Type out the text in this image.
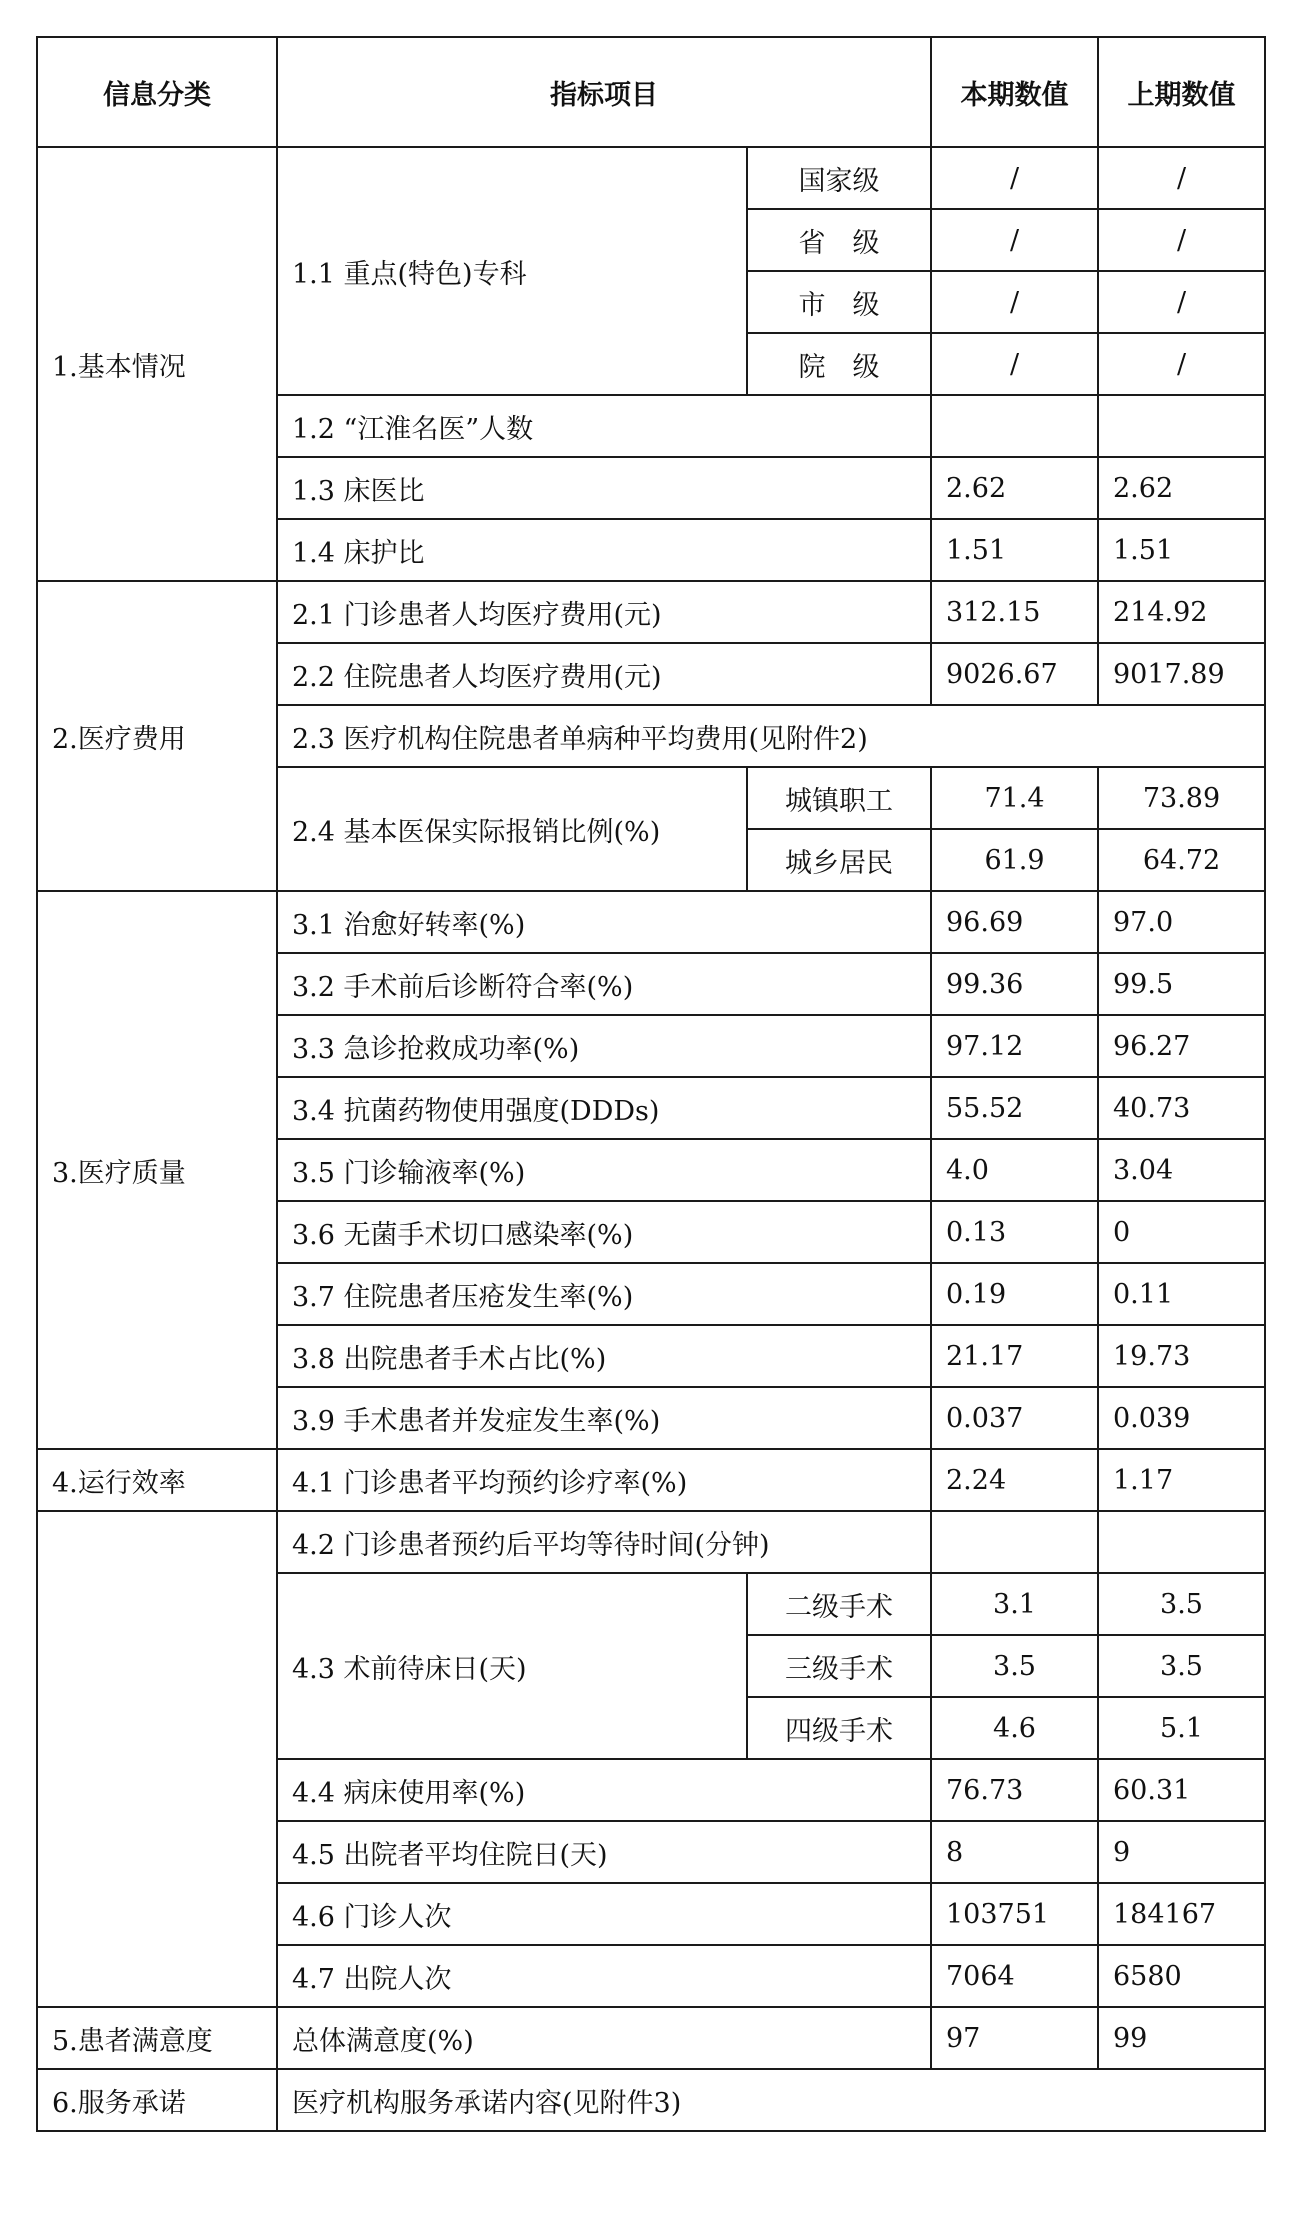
信息分类	指标项目		本期数值	上期数值
1.基本情况	1.1 重点(特色)专科	国家级	/	/
		省　级	/	/
		市　级	/	/
		院　级	/	/
	1.2 “江淮名医”人数			
	1.3 床医比		2.62	2.62
	1.4 床护比		1.51	1.51
2.医疗费用	2.1 门诊患者人均医疗费用(元)		312.15	214.92
	2.2 住院患者人均医疗费用(元)		9026.67	9017.89
	2.3 医疗机构住院患者单病种平均费用(见附件2)			
	2.4 基本医保实际报销比例(%)	城镇职工	71.4	73.89
		城乡居民	61.9	64.72
3.医疗质量	3.1 治愈好转率(%)		96.69	97.0
	3.2 手术前后诊断符合率(%)		99.36	99.5
	3.3 急诊抢救成功率(%)		97.12	96.27
	3.4 抗菌药物使用强度(DDDs)		55.52	40.73
	3.5 门诊输液率(%)		4.0	3.04
	3.6 无菌手术切口感染率(%)		0.13	0
	3.7 住院患者压疮发生率(%)		0.19	0.11
	3.8 出院患者手术占比(%)		21.17	19.73
	3.9 手术患者并发症发生率(%)		0.037	0.039
4.运行效率	4.1 门诊患者平均预约诊疗率(%)		2.24	1.17
	4.2 门诊患者预约后平均等待时间(分钟)			
	4.3 术前待床日(天)	二级手术	3.1	3.5
		三级手术	3.5	3.5
		四级手术	4.6	5.1
	4.4 病床使用率(%)		76.73	60.31
	4.5 出院者平均住院日(天)		8	9
	4.6 门诊人次		103751	184167
	4.7 出院人次		7064	6580
5.患者满意度	总体满意度(%)		97	99
6.服务承诺	医疗机构服务承诺内容(见附件3)			
